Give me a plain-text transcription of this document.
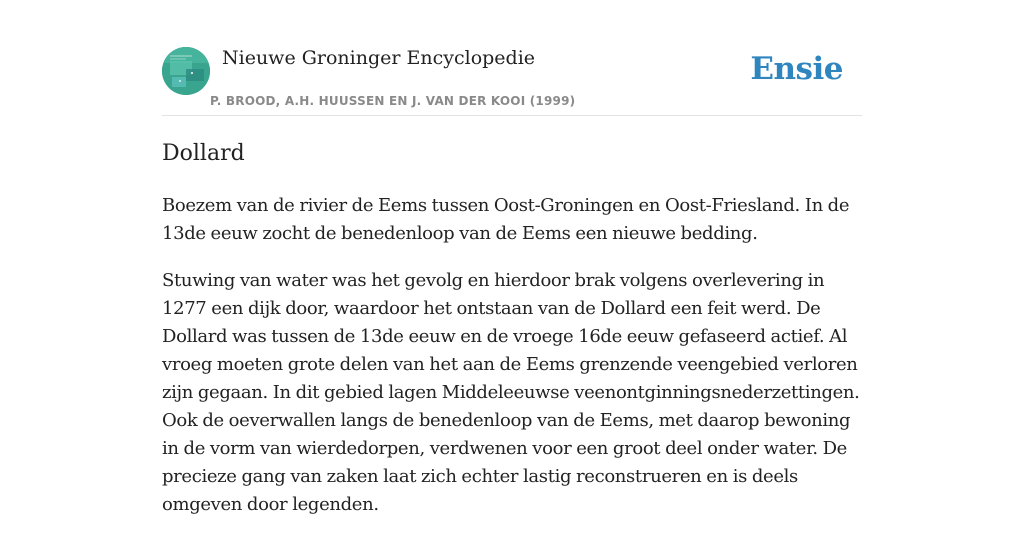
Nieuwe Groninger Encyclopedie
P. BROOD, A.H. HUUSSEN EN J. VAN DER KOOI (1999)
Ensie
Dollard

Boezem van de rivier de Eems tussen Oost-Groningen en Oost-Friesland. In de 13de eeuw zocht de benedenloop van de Eems een nieuwe bedding.

Stuwing van water was het gevolg en hierdoor brak volgens overlevering in 1277 een dijk door, waardoor het ontstaan van de Dollard een feit werd. De Dollard was tussen de 13de eeuw en de vroege 16de eeuw gefaseerd actief. Al vroeg moeten grote delen van het aan de Eems grenzende veengebied verloren zijn gegaan. In dit gebied lagen Middeleeuwse veenontginningsnederzettingen. Ook de oeverwallen langs de benedenloop van de Eems, met daarop bewoning in de vorm van wierdedorpen, verdwenen voor een groot deel onder water. De precieze gang van zaken laat zich echter lastig reconstrueren en is deels omgeven door legenden.
